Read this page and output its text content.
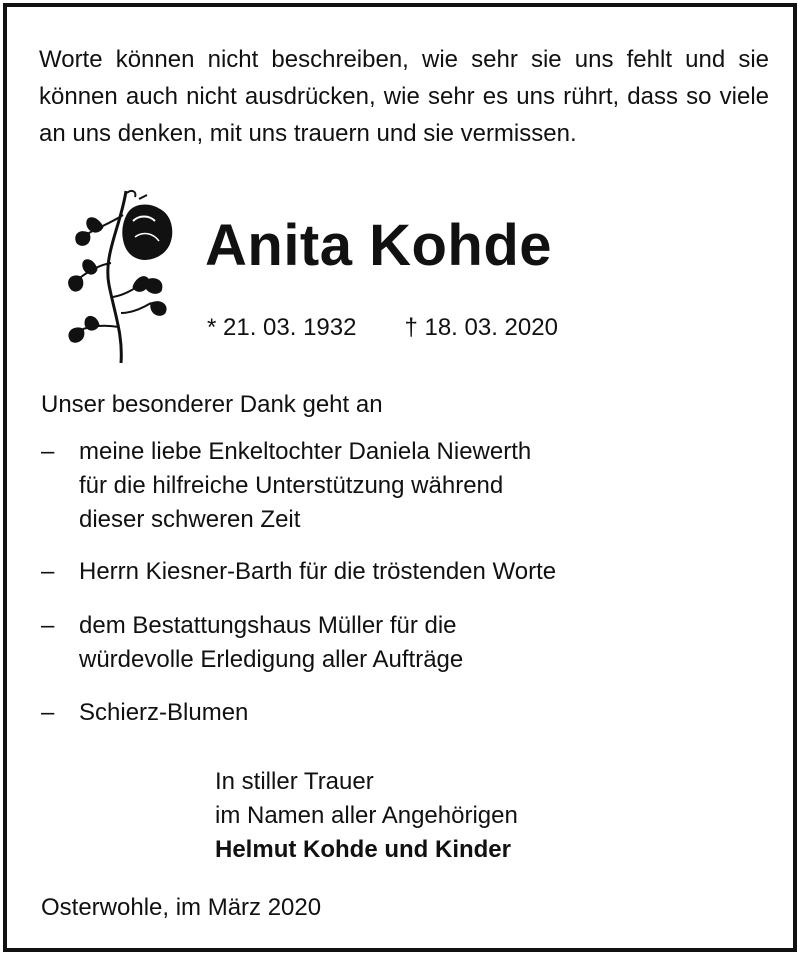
Worte können nicht beschreiben, wie sehr sie uns fehlt und sie können auch nicht ausdrücken, wie sehr es uns rührt, dass so viele an uns denken, mit uns trauern und sie vermissen.
Anita Kohde
* 21. 03. 1932 † 18. 03. 2020
Unser besonderer Dank geht an
–	meine liebe Enkeltochter Daniela Niewerth
für die hilfreiche Unterstützung während
dieser schweren Zeit
–	Herrn Kiesner-Barth für die tröstenden Worte
–	dem Bestattungshaus Müller für die
würdevolle Erledigung aller Aufträge
–	Schierz-Blumen
In stiller Trauer
im Namen aller Angehörigen
Helmut Kohde und Kinder
Osterwohle, im März 2020
